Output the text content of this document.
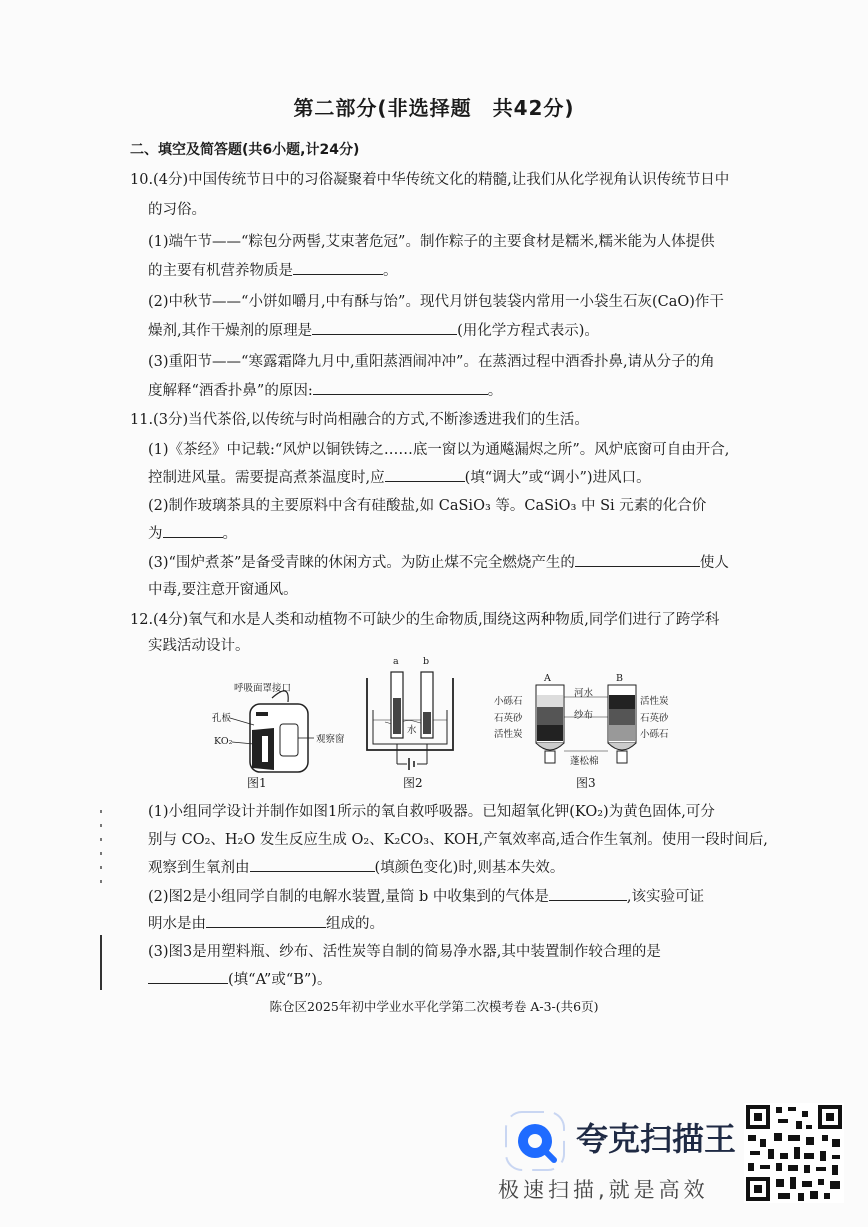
第二部分(非选择题　共42分)
二、填空及简答题(共6小题,计24分)
10.(4分)中国传统节日中的习俗凝聚着中华传统文化的精髓,让我们从化学视角认识传统节日中
的习俗。
(1)端午节——“粽包分两髻,艾束著危冠”。制作粽子的主要食材是糯米,糯米能为人体提供
的主要有机营养物质是	。
(2)中秋节——“小饼如嚼月,中有酥与饴”。现代月饼包装袋内常用一小袋生石灰(CaO)作干
燥剂,其作干燥剂的原理是	(用化学方程式表示)。
(3)重阳节——“寒露霜降九月中,重阳蒸酒闹冲冲”。在蒸酒过程中酒香扑鼻,请从分子的角
度解释“酒香扑鼻”的原因:	。
11.(3分)当代茶俗,以传统与时尚相融合的方式,不断渗透进我们的生活。
(1)《茶经》中记载:“风炉以铜铁铸之……底一窗以为通飚漏烬之所”。风炉底窗可自由开合,
控制进风量。需要提高煮茶温度时,应	(填“调大”或“调小”)进风口。
(2)制作玻璃茶具的主要原料中含有硅酸盐,如 CaSiO₃ 等。CaSiO₃ 中 Si 元素的化合价
为	。
(3)“围炉煮茶”是备受青睐的休闲方式。为防止煤不完全燃烧产生的	使人
中毒,要注意开窗通风。
12.(4分)氧气和水是人类和动植物不可缺少的生命物质,围绕这两种物质,同学们进行了跨学科
实践活动设计。
呼吸面罩接口
孔板
KO₂	观察窗
图1
a	b
水
图2
A	B
小砾石
石英砂
活性炭
河水
纱布
蓬松棉
活性炭
石英砂
小砾石
图3
(1)小组同学设计并制作如图1所示的氧自救呼吸器。已知超氧化钾(KO₂)为黄色固体,可分
别与 CO₂、H₂O 发生反应生成 O₂、K₂CO₃、KOH,产氧效率高,适合作生氧剂。使用一段时间后,
观察到生氧剂由	(填颜色变化)时,则基本失效。
(2)图2是小组同学自制的电解水装置,量筒 b 中收集到的气体是	,该实验可证
明水是由	组成的。
(3)图3是用塑料瓶、纱布、活性炭等自制的简易净水器,其中装置制作较合理的是
(填“A”或“B”)。
陈仓区2025年初中学业水平化学第二次模考卷 A-3-(共6页)
夸克扫描王
极速扫描,就是高效
